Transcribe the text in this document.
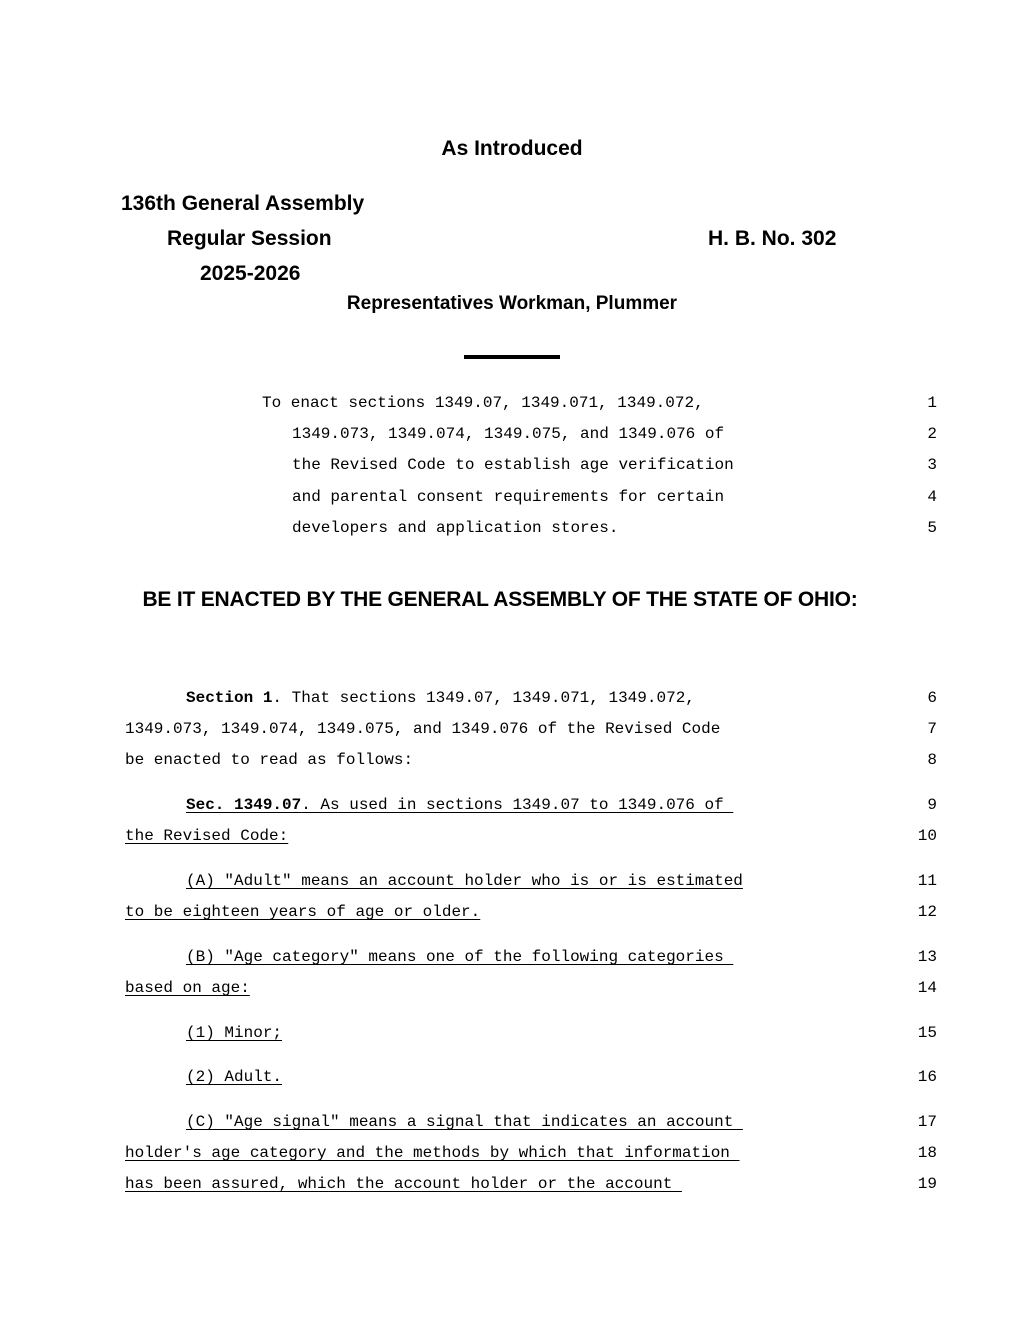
As Introduced
136th General Assembly
Regular Session	H. B. No. 302
2025-2026
Representatives Workman, Plummer
To enact sections 1349.07, 1349.071, 1349.072,	1
1349.073, 1349.074, 1349.075, and 1349.076 of	2
the Revised Code to establish age verification	3
and parental consent requirements for certain	4
developers and application stores.	5
BE IT ENACTED BY THE GENERAL ASSEMBLY OF THE STATE OF OHIO:
Section 1. That sections 1349.07, 1349.071, 1349.072,	6
1349.073, 1349.074, 1349.075, and 1349.076 of the Revised Code	7
be enacted to read as follows:	8
Sec. 1349.07. As used in sections 1349.07 to 1349.076 of	9
the Revised Code:	10
(A) "Adult" means an account holder who is or is estimated	11
to be eighteen years of age or older.	12
(B) "Age category" means one of the following categories	13
based on age:	14
(1) Minor;	15
(2) Adult.	16
(C) "Age signal" means a signal that indicates an account	17
holder's age category and the methods by which that information	18
has been assured, which the account holder or the account	19
